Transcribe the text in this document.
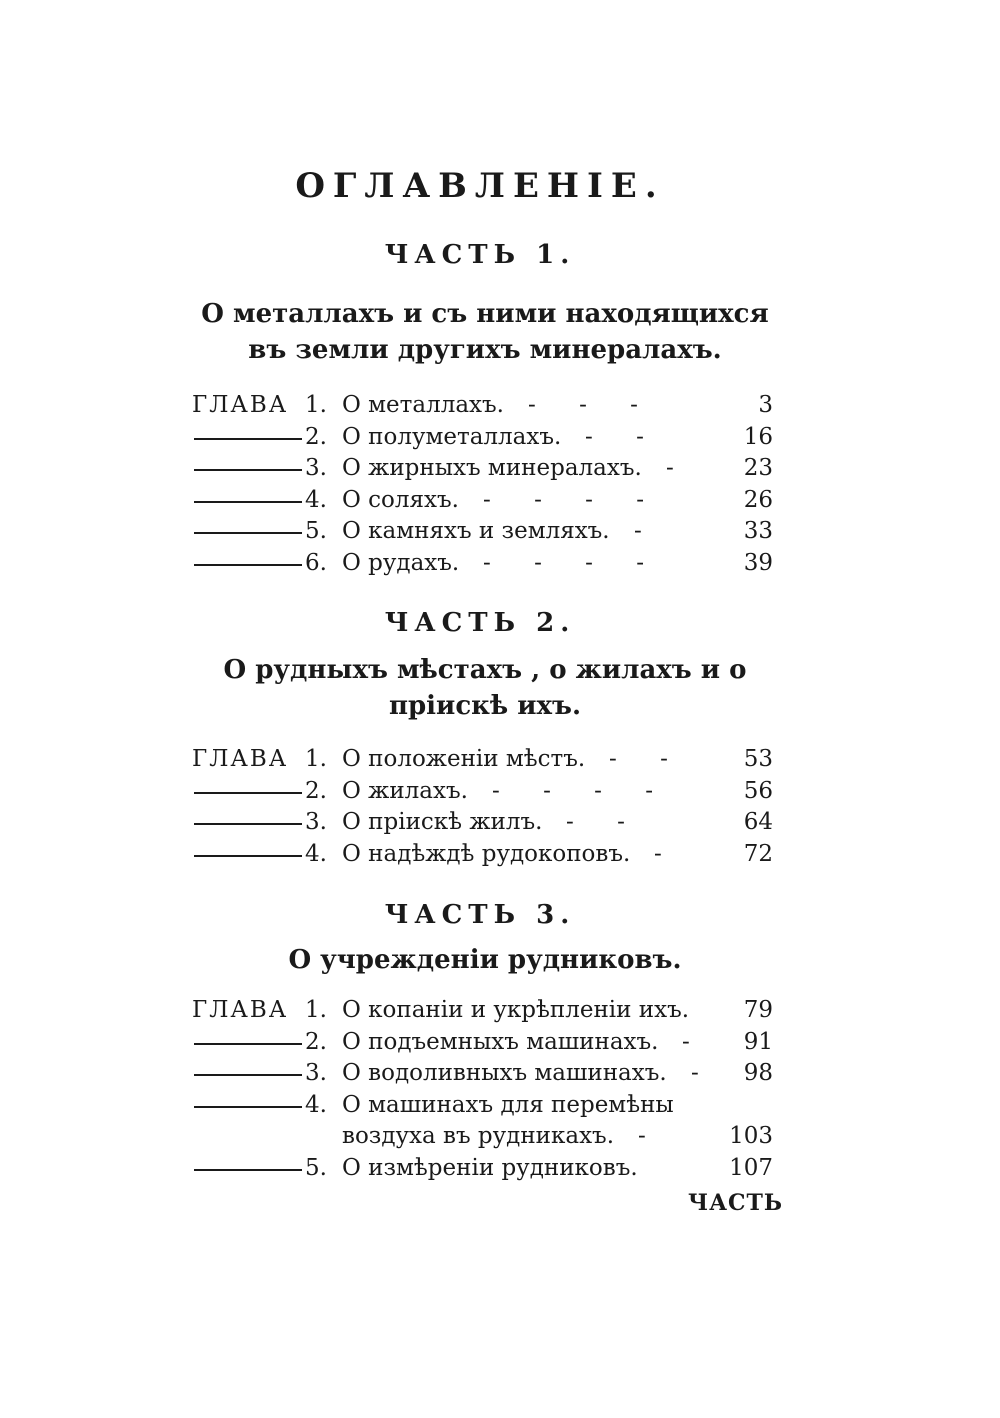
ОГЛАВЛЕНІЕ.
ЧАСТЬ 1.
О металлахъ и съ ними находящихся
въ земли другихъ минералахъ.
ГЛАВА 1. О металлахъ. - - -	3
2. О полуметаллахъ. - -	16
3. О жирныхъ минералахъ. - 23
4. О соляхъ. - - - -	26
5. О камняхъ и земляхъ. -	33
6. О рудахъ. - - - -	39
ЧАСТЬ 2.
О рудныхъ мѣстахъ , о жилахъ и о
пріискѣ ихъ.
ГЛАВА 1. О положеніи мѣстъ. - -	53
2. О жилахъ. - - - -	56
3. О пріискѣ жилъ. - -	64
4. О надѣждѣ рудокоповъ. -	72
ЧАСТЬ 3.
О учрежденіи рудниковъ.
ГЛАВА 1. О копаніи и укрѣпленіи ихъ. 79
2. О подъемныхъ машинахъ. - 91
3. О водоливныхъ машинахъ. - 98
4. О машинахъ для перемѣны
воздуха въ рудникахъ. -	103
5. О измѣреніи рудниковъ.	107
ЧАСТЬ
